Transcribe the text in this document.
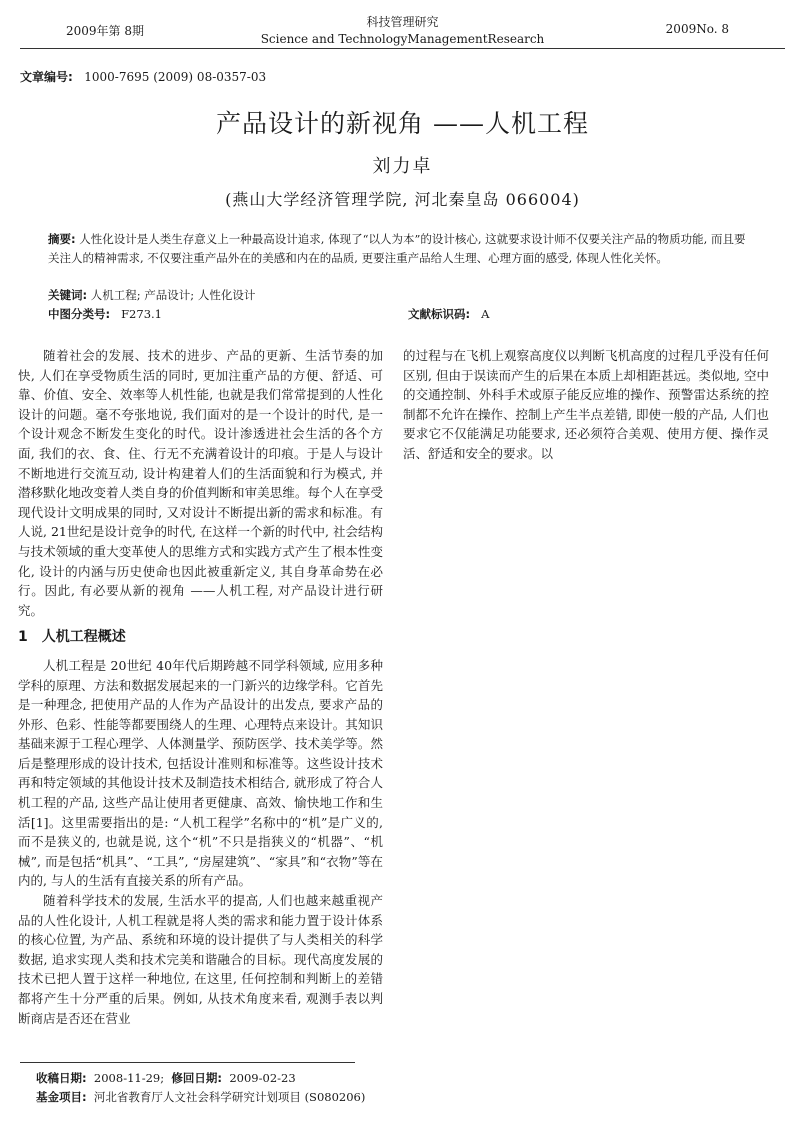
2009年第 8期
科技管理研究
Science and TechnologyManagementResearch
2009No. 8
文章编号: 1000-7695 (2009) 08-0357-03
产品设计的新视角 ——人机工程
刘力卓
(燕山大学经济管理学院, 河北秦皇岛 066004)
摘要: 人性化设计是人类生存意义上一种最高设计追求, 体现了“以人为本”的设计核心, 这就要求设计师不仅要关注产品的物质功能, 而且要关注人的精神需求, 不仅要注重产品外在的美感和内在的品质, 更要注重产品给人生理、心理方面的感受, 体现人性化关怀。
关键词: 人机工程; 产品设计; 人性化设计
中图分类号: F273.1	文献标识码: A

随着社会的发展、技术的进步、产品的更新、生活节奏的加快, 人们在享受物质生活的同时, 更加注重产品的方便、舒适、可靠、价值、安全、效率等人机性能, 也就是我们常常提到的人性化设计的问题。毫不夸张地说, 我们面对的是一个设计的时代, 是一个设计观念不断发生变化的时代。设计渗透进社会生活的各个方面, 我们的衣、食、住、行无不充满着设计的印痕。于是人与设计不断地进行交流互动, 设计构建着人们的生活面貌和行为模式, 并潜移默化地改变着人类自身的价值判断和审美思维。每个人在享受现代设计文明成果的同时, 又对设计不断提出新的需求和标准。有人说, 21世纪是设计竞争的时代, 在这样一个新的时代中, 社会结构与技术领域的重大变革使人的思维方式和实践方式产生了根本性变化, 设计的内涵与历史使命也因此被重新定义, 其自身革命势在必行。因此, 有必要从新的视角 ——人机工程, 对产品设计进行研究。

1　人机工程概述

人机工程是 20世纪 40年代后期跨越不同学科领域, 应用多种学科的原理、方法和数据发展起来的一门新兴的边缘学科。它首先是一种理念, 把使用产品的人作为产品设计的出发点, 要求产品的外形、色彩、性能等都要围绕人的生理、心理特点来设计。其知识基础来源于工程心理学、人体测量学、预防医学、技术美学等。然后是整理形成的设计技术, 包括设计准则和标准等。这些设计技术再和特定领域的其他设计技术及制造技术相结合, 就形成了符合人机工程的产品, 这些产品让使用者更健康、高效、愉快地工作和生活[1]。这里需要指出的是: “人机工程学”名称中的“机”是广义的, 而不是狭义的, 也就是说, 这个“机”不只是指狭义的“机器”、“机械”, 而是包括“机具”、“工具”, “房屋建筑”、“家具”和“衣物”等在内的, 与人的生活有直接关系的所有产品。

随着科学技术的发展, 生活水平的提高, 人们也越来越重视产品的人性化设计, 人机工程就是将人类的需求和能力置于设计体系的核心位置, 为产品、系统和环境的设计提供了与人类相关的科学数据, 追求实现人类和技术完美和谐融合的目标。现代高度发展的技术已把人置于这样一种地位, 在这里, 任何控制和判断上的差错都将产生十分严重的后果。例如, 从技术角度来看, 观测手表以判断商店是否还在营业

的过程与在飞机上观察高度仪以判断飞机高度的过程几乎没有任何区别, 但由于误读而产生的后果在本质上却相距甚远。类似地, 空中的交通控制、外科手术或原子能反应堆的操作、预警雷达系统的控制都不允许在操作、控制上产生半点差错, 即使一般的产品, 人们也要求它不仅能满足功能要求, 还必须符合美观、使用方便、操作灵活、舒适和安全的要求。以

收稿日期: 2008-11-29;  修回日期: 2009-02-23
基金项目: 河北省教育厅人文社会科学研究计划项目 (S080206)
